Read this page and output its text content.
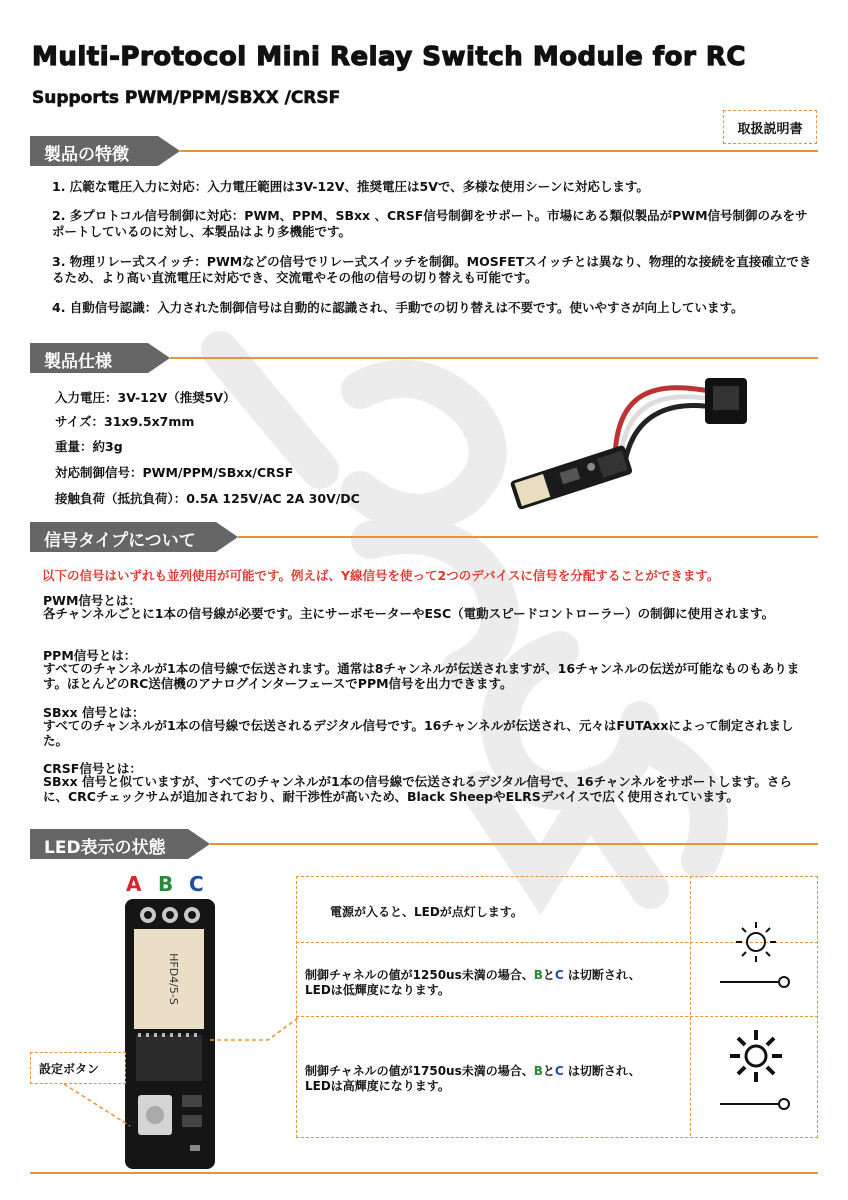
Multi-Protocol Mini Relay Switch Module for RC
Supports PWM/PPM/SBXX /CRSF
取扱説明書
製品の特徴
1. 広範な電圧入力に対応：入力電圧範囲は3V-12V、推奨電圧は5Vで、多様な使用シーンに対応します。
2. 多プロトコル信号制御に対応：PWM、PPM、SBxx 、CRSF信号制御をサポート。市場にある類似製品がPWM信号制御のみをサポートしているのに対し、本製品はより多機能です。
3. 物理リレー式スイッチ：PWMなどの信号でリレー式スイッチを制御。MOSFETスイッチとは異なり、物理的な接続を直接確立できるため、より高い直流電圧に対応でき、交流電やその他の信号の切り替えも可能です。
4. 自動信号認識：入力された制御信号は自動的に認識され、手動での切り替えは不要です。使いやすさが向上しています。
製品仕様
入力電圧：3V-12V（推奨5V）
サイズ：31x9.5x7mm
重量：約3g
対応制御信号：PWM/PPM/SBxx/CRSF
接触負荷（抵抗負荷）：0.5A 125V/AC 2A 30V/DC
信号タイプについて
以下の信号はいずれも並列使用が可能です。例えば、Y線信号を使って2つのデバイスに信号を分配することができます。
PWM信号とは：
各チャンネルごとに1本の信号線が必要です。主にサーボモーターやESC（電動スピードコントローラー）の制御に使用されます。
PPM信号とは：
すべてのチャンネルが1本の信号線で伝送されます。通常は8チャンネルが伝送されますが、16チャンネルの伝送が可能なものもあります。ほとんどのRC送信機のアナログインターフェースでPPM信号を出力できます。
SBxx 信号とは：
すべてのチャンネルが1本の信号線で伝送されるデジタル信号です。16チャンネルが伝送され、元々はFUTAxxによって制定されました。
CRSF信号とは：
SBxx 信号と似ていますが、すべてのチャンネルが1本の信号線で伝送されるデジタル信号で、16チャンネルをサポートします。さらに、CRCチェックサムが追加されており、耐干渉性が高いため、Black SheepやELRSデバイスで広く使用されています。
LED表示の状態
A B C
HFD4/5-S
設定ボタン
電源が入ると、LEDが点灯します。
制御チャネルの値が1250us未満の場合、BとC は切断され、
LEDは低輝度になります。
制御チャネルの値が1750us未満の場合、BとC は切断され、
LEDは高輝度になります。
